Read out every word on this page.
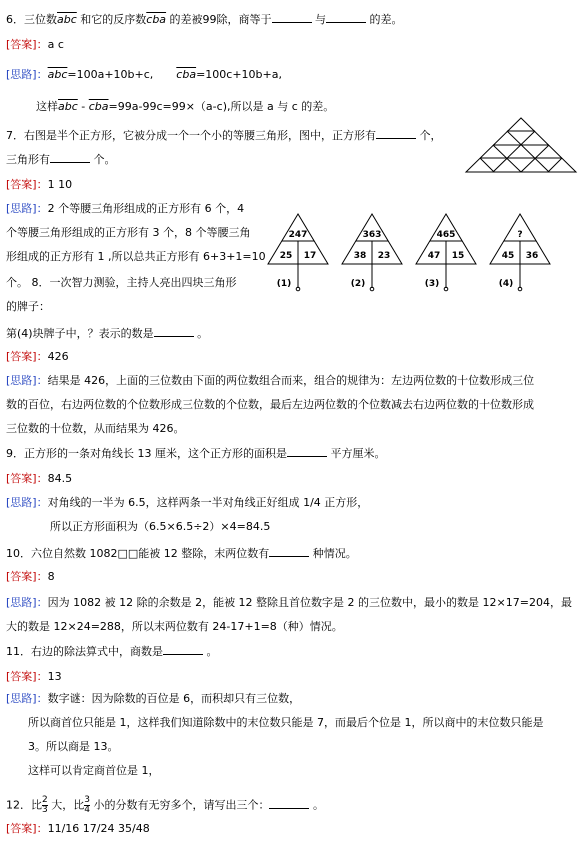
6．三位数$\overline{abc}$ 和它的反序数$\overline{cba}$ 的差被99除，商等于	与	的差。
[答案]：a c
[思路]：$\overline{abc}=100a+10b+c$, $\overline{cba}=100c+10b+a$,
这样$\overline{abc} - \overline{cba}=99a-99c=99\times(a-c)$,所以是 a 与 c 的差。
7．右图是半个正方形，它被分成一个一个小的等腰三角形，图中，正方形有	个，
三角形有	个。
[答案]：1 10
[思路]：2 个等腰三角形组成的正方形有 6 个，4
个等腰三角形组成的正方形有 3 个，8 个等腰三角
形组成的正方形有 1 ,所以总共正方形有 6+3+1=10
个。 8．一次智力测验，主持人亮出四块三角形
的牌子：
第(4)块牌子中，？表示的数是	。
247
25 17
(1)
363
38 23
(2)
465
47 15
(3)
?
45 36
(4)
[答案]：426
[思路]：结果是 426，上面的三位数由下面的两位数组合而来，组合的规律为：左边两位数的十位数形成三位
数的百位，右边两位数的个位数形成三位数的个位数，最后左边两位数的个位数减去右边两位数的十位数形成
三位数的十位数，从而结果为 426。
9．正方形的一条对角线长 13 厘米，这个正方形的面积是	平方厘米。
[答案]：84.5
[思路]：对角线的一半为 6.5，这样两条一半对角线正好组成 1/4 正方形，
所以正方形面积为（6.5×6.5÷2）×4=84.5
10．六位自然数 1082□□能被 12 整除，末两位数有	种情况。
[答案]：8
[思路]：因为 1082 被 12 除的余数是 2，能被 12 整除且首位数字是 2 的三位数中，最小的数是 12×17=204，最
大的数是 12×24=288，所以末两位数有 24-17+1=8（种）情况。
11．右边的除法算式中，商数是	。
[答案]：13
[思路]：数字谜：因为除数的百位是 6，而积却只有三位数，
所以商首位只能是 1，这样我们知道除数中的末位数只能是 7，而最后个位是 1，所以商中的末位数只能是
3。所以商是 13。
这样可以肯定商首位是 1，
12．比 $\frac{2}{3}$ 大，比 $\frac{3}{4}$ 小的分数有无穷多个，请写出三个：	。
[答案]：11/16 17/24 35/48
